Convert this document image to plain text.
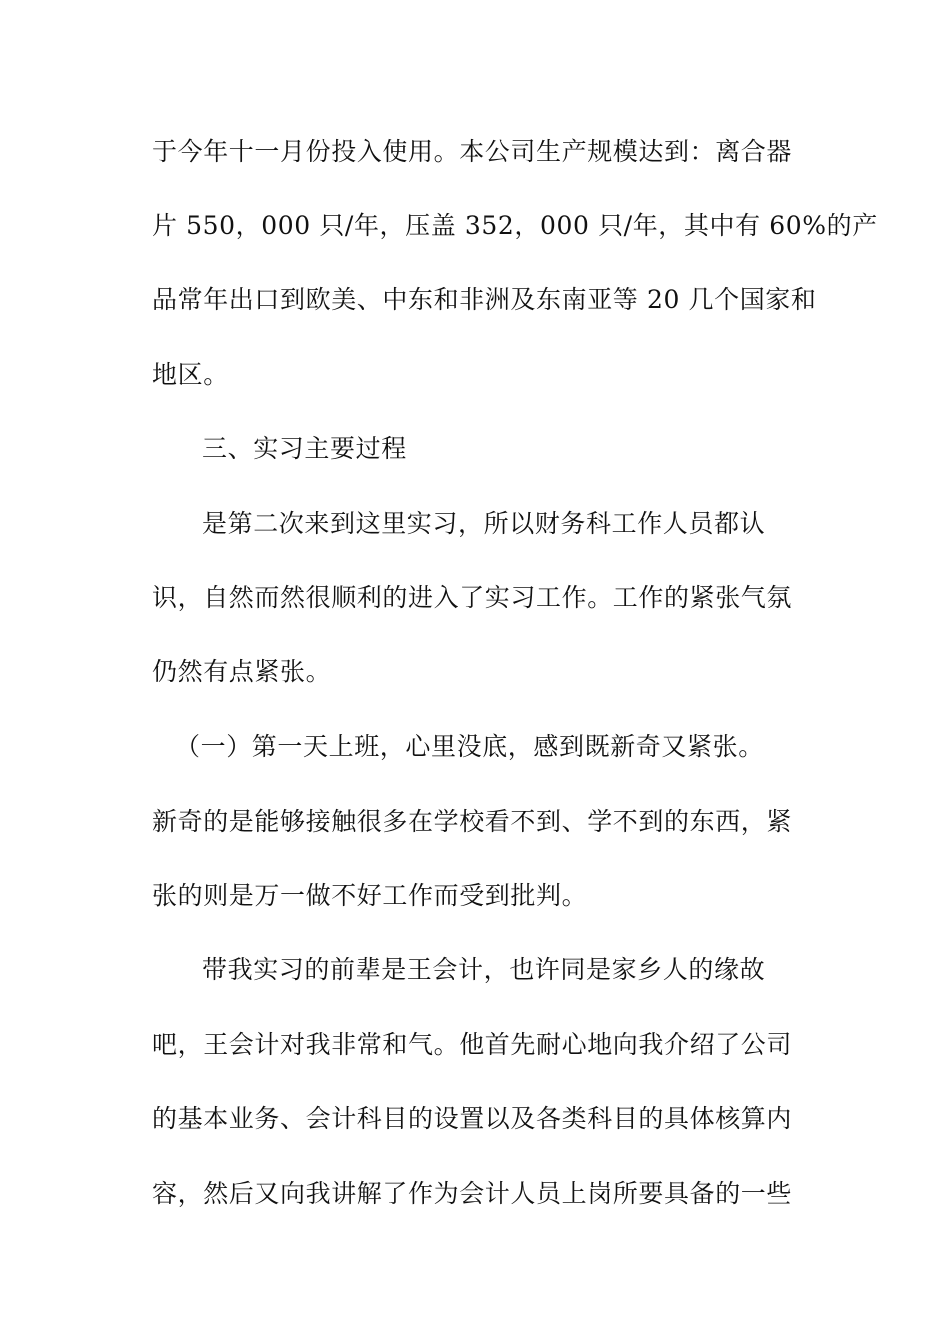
于今年十一月份投入使用。本公司生产规模达到：离合器
片 550，000 只/年，压盖 352，000 只/年，其中有 60%的产
品常年出口到欧美、中东和非洲及东南亚等 20 几个国家和
地区。
三、实习主要过程
是第二次来到这里实习，所以财务科工作人员都认
识，自然而然很顺利的进入了实习工作。工作的紧张气氛
仍然有点紧张。
（一）第一天上班，心里没底，感到既新奇又紧张。
新奇的是能够接触很多在学校看不到、学不到的东西，紧
张的则是万一做不好工作而受到批判。
带我实习的前辈是王会计，也许同是家乡人的缘故
吧，王会计对我非常和气。他首先耐心地向我介绍了公司
的基本业务、会计科目的设置以及各类科目的具体核算内
容，然后又向我讲解了作为会计人员上岗所要具备的一些
